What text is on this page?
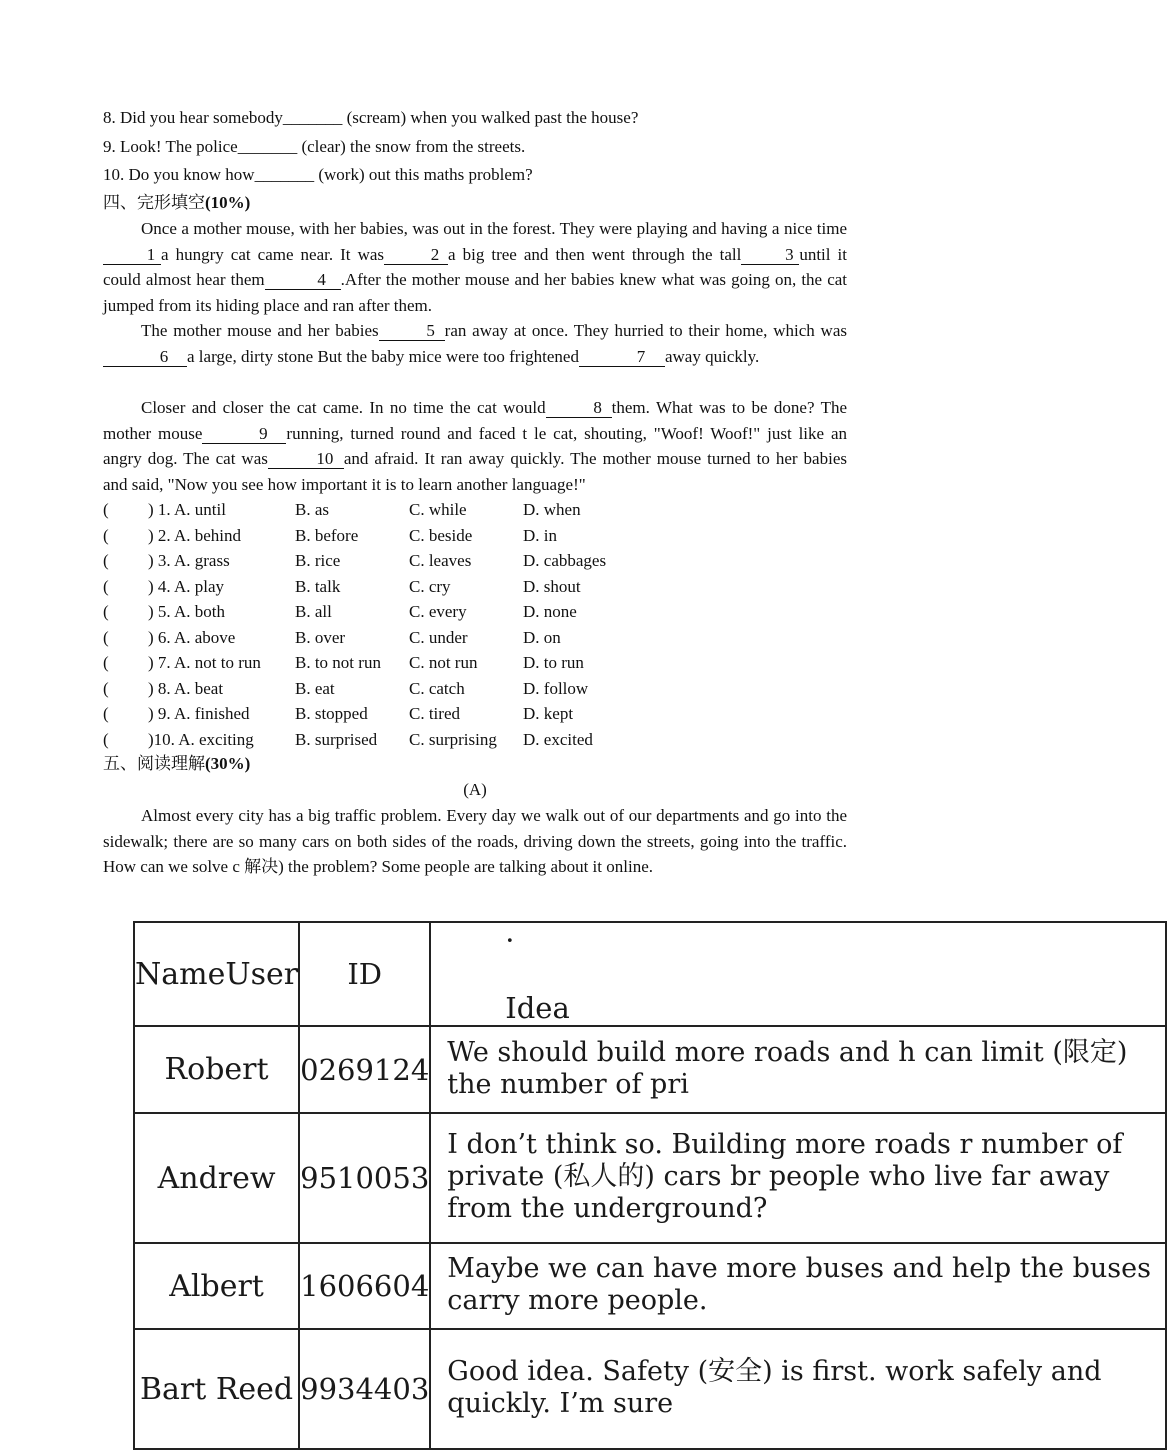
8. Did you hear somebody_______ (scream) when you walked past the house?
9. Look! The police_______ (clear) the snow from the streets.
10. Do you know how_______ (work) out this maths problem?
四、完形填空(10%)
Once a mother mouse, with her babies, was out in the forest. They were playing and having a nice time1 a hungry cat came near. It was	2 a big tree and then went through the tall	3 until it could almost hear them	4 .After the mother mouse and her babies knew what was going on, the cat jumped from its hiding place and ran after them.
The mother mouse and her babies	5 ran away at once. They hurried to their home, which was6 a large, dirty stone But the baby mice were too frightened	7 away quickly.
Closer and closer the cat came. In no time the cat would	8 them. What was to be done? The mother mouse	9 running, turned round and faced t le cat, shouting, "Woof! Woof!" just like an angry dog. The cat was	10 and afraid. It ran away quickly. The mother mouse turned to her babies and said, "Now you see how important it is to learn another language!"
( ) 1. A. until	B. as	C. while	D. when
( ) 2. A. behind	B. before	C. beside	D. in
( ) 3. A. grass	B. rice	C. leaves	D. cabbages
( ) 4. A. play	B. talk	C. cry	D. shout
( ) 5. A. both	B. all	C. every	D. none
( ) 6. A. above	B. over	C. under	D. on
( ) 7. A. not to run	B. to not run	C. not run	D. to run
( ) 8. A. beat	B. eat	C. catch	D. follow
( ) 9. A. finished	B. stopped	C. tired	D. kept
( )10. A. exciting	B. surprised	C. surprising	D. excited
五、阅读理解(30%)
(A)
Almost every city has a big traffic problem. Every day we walk out of our departments and go into the sidewalk; there are so many cars on both sides of the roads, driving down the streets, going into the traffic. How can we solve c 解决) the problem? Some people are talking about it online.
NameUser	ID	·Idea
Robert	0269124	We should build more roads and h can limit (限定) the number of pri
Andrew	9510053	I don’t think so. Building more roads r number of private (私人的) cars br people who live far away from the underground?
Albert	1606604	Maybe we can have more buses and help the buses carry more people.
Bart Reed	9934403	Good idea. Safety (安全) is first. work safely and quickly. I’m sure
